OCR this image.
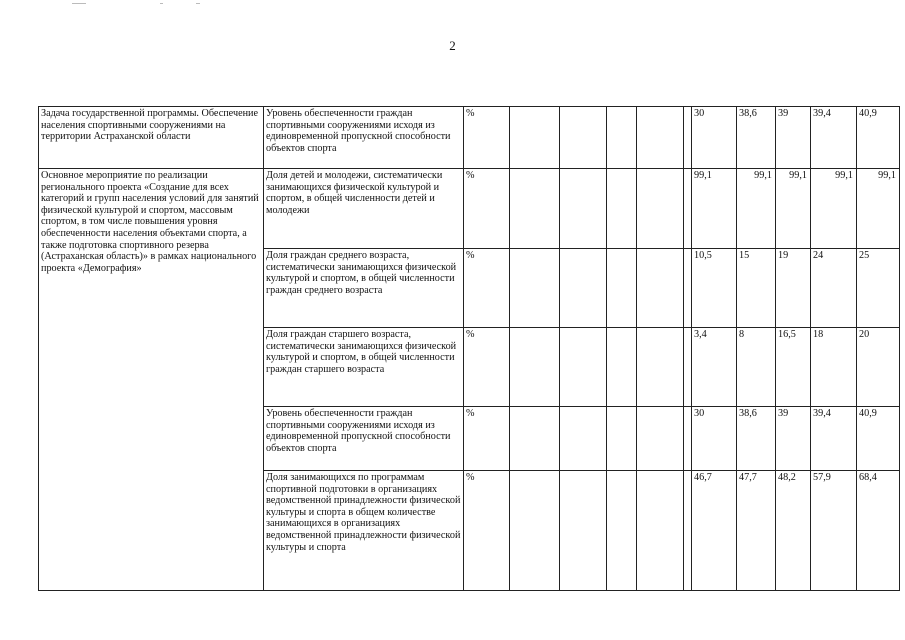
2
Задача государственной программы. Обеспечение населения спортивными сооружениями на территории Астраханской области	Уровень обеспеченности граждан спортивными сооружениями исходя из единовременной пропускной способности объектов спорта	%						30	38,6	39	39,4	40,9
Основное мероприятие по реализации регионального проекта «Создание для всех категорий и групп населения условий для занятий физической культурой и спортом, массовым спортом, в том числе повышения уровня обеспеченности населения объектами спорта, а также подготовка спортивного резерва (Астраханская область)» в рамках национального проекта «Демография»	Доля детей и молодежи, систематически занимающихся физической культурой и спортом, в общей численности детей и молодежи	%						99,1	99,1	99,1	99,1	99,1
	Доля граждан среднего возраста, систематически занимающихся физической культурой и спортом, в общей численности граждан среднего возраста	%						10,5	15	19	24	25
	Доля граждан старшего возраста, систематически занимающихся физической культурой и спортом, в общей численности граждан старшего возраста	%						3,4	8	16,5	18	20
	Уровень обеспеченности граждан спортивными сооружениями исходя из единовременной пропускной способности объектов спорта	%						30	38,6	39	39,4	40,9
	Доля занимающихся по программам спортивной подготовки в организациях ведомственной принадлежности физической культуры и спорта в общем количестве занимающихся в организациях ведомственной принадлежности физической культуры и спорта	%						46,7	47,7	48,2	57,9	68,4
